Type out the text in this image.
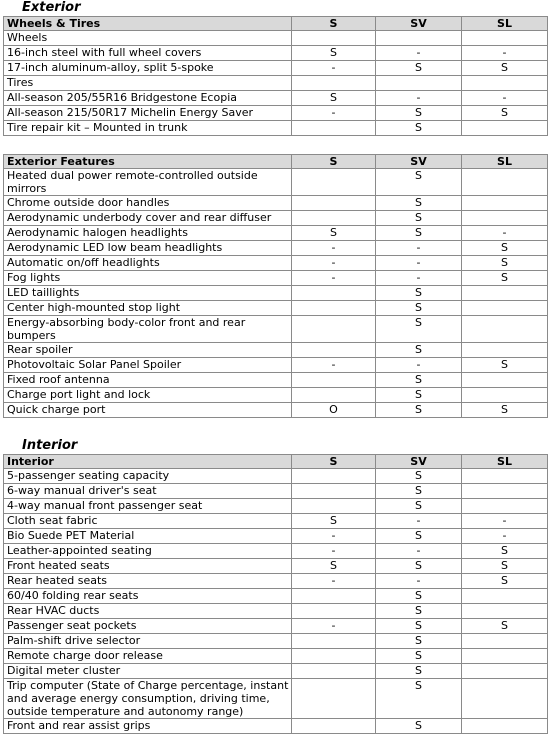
Exterior
Wheels & Tires	S	SV	SL
Wheels			
16-inch steel with full wheel covers	S	-	-
17-inch aluminum-alloy, split 5-spoke	-	S	S
Tires			
All-season 205/55R16 Bridgestone Ecopia	S	-	-
All-season 215/50R17 Michelin Energy Saver	-	S	S
Tire repair kit – Mounted in trunk		S	
Exterior Features	S	SV	SL
Heated dual power remote-controlled outside mirrors		S	
Chrome outside door handles		S	
Aerodynamic underbody cover and rear diffuser		S	
Aerodynamic halogen headlights	S	S	-
Aerodynamic LED low beam headlights	-	-	S
Automatic on/off headlights	-	-	S
Fog lights	-	-	S
LED taillights		S	
Center high-mounted stop light		S	
Energy-absorbing body-color front and rear bumpers		S	
Rear spoiler		S	
Photovoltaic Solar Panel Spoiler	-	-	S
Fixed roof antenna		S	
Charge port light and lock		S	
Quick charge port	O	S	S
Interior
Interior	S	SV	SL
5-passenger seating capacity		S	
6-way manual driver's seat		S	
4-way manual front passenger seat		S	
Cloth seat fabric	S	-	-
Bio Suede PET Material	-	S	-
Leather-appointed seating	-	-	S
Front heated seats	S	S	S
Rear heated seats	-	-	S
60/40 folding rear seats		S	
Rear HVAC ducts		S	
Passenger seat pockets	-	S	S
Palm-shift drive selector		S	
Remote charge door release		S	
Digital meter cluster		S	
Trip computer (State of Charge percentage, instant and average energy consumption, driving time, outside temperature and autonomy range)		S	
Front and rear assist grips		S	
